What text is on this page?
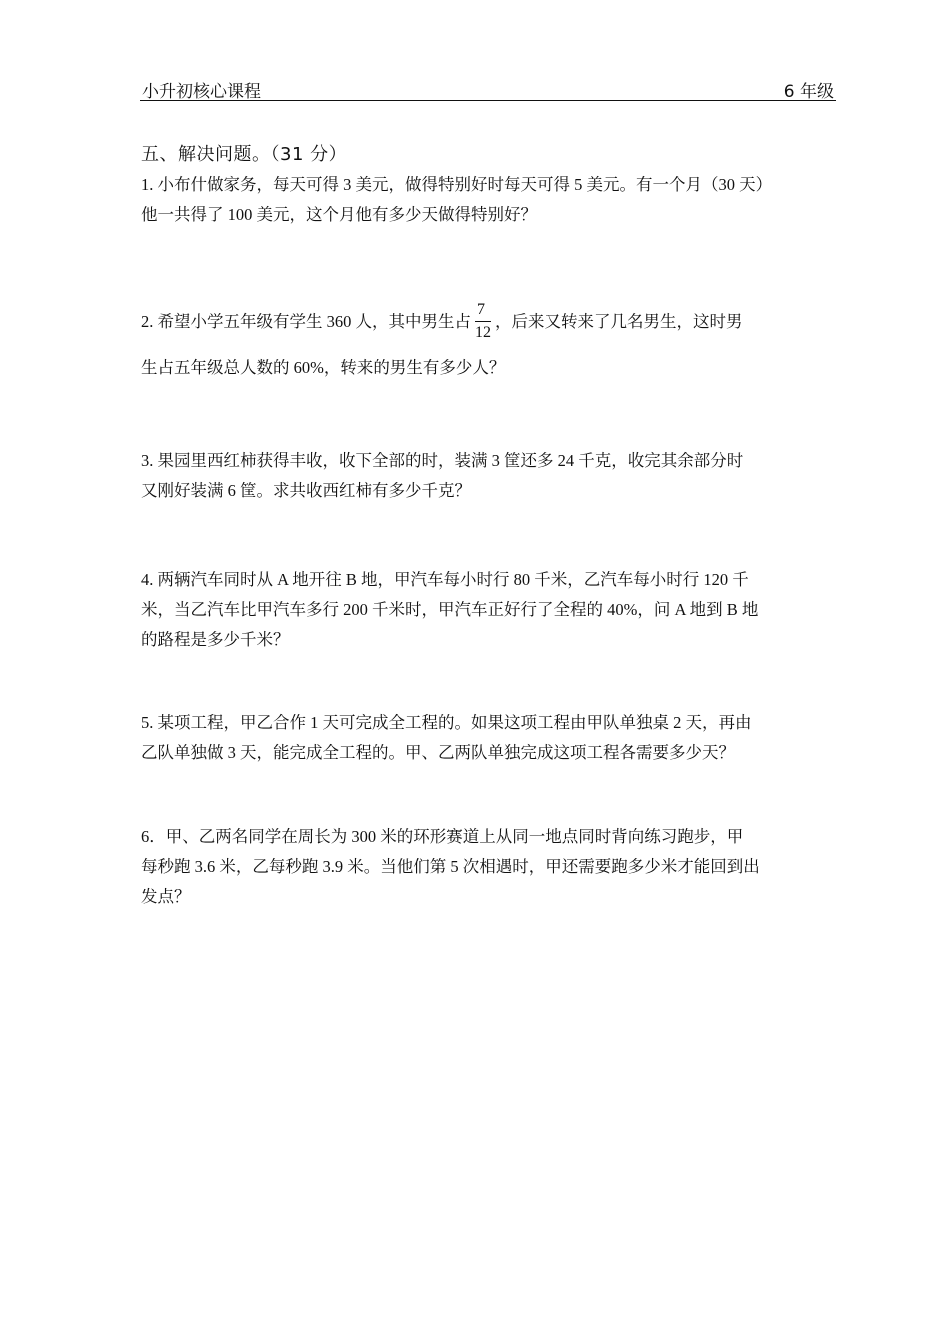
小升初核心课程	6 年级
五、解决问题。（31 分）

1. 小布什做家务，每天可得 3 美元，做得特别好时每天可得 5 美元。有一个月（30 天）

他一共得了 100 美元，这个月他有多少天做得特别好？

2. 希望小学五年级有学生 360 人，其中男生占 $\frac{7}{12}$ ，后来又转来了几名男生，这时男

生占五年级总人数的 60%，转来的男生有多少人？

3. 果园里西红柿获得丰收，收下全部的时，装满 3 筐还多 24 千克，收完其余部分时

又刚好装满 6 筐。求共收西红柿有多少千克？

4. 两辆汽车同时从 A 地开往 B 地，甲汽车每小时行 80 千米，乙汽车每小时行 120 千

米，当乙汽车比甲汽车多行 200 千米时，甲汽车正好行了全程的 40%，问 A 地到 B 地

的路程是多少千米？

5. 某项工程，甲乙合作 1 天可完成全工程的。如果这项工程由甲队单独桌 2 天，再由

乙队单独做 3 天，能完成全工程的。甲、乙两队单独完成这项工程各需要多少天？

6．甲、乙两名同学在周长为 300 米的环形赛道上从同一地点同时背向练习跑步，甲

每秒跑 3.6 米，乙每秒跑 3.9 米。当他们第 5 次相遇时，甲还需要跑多少米才能回到出

发点？
